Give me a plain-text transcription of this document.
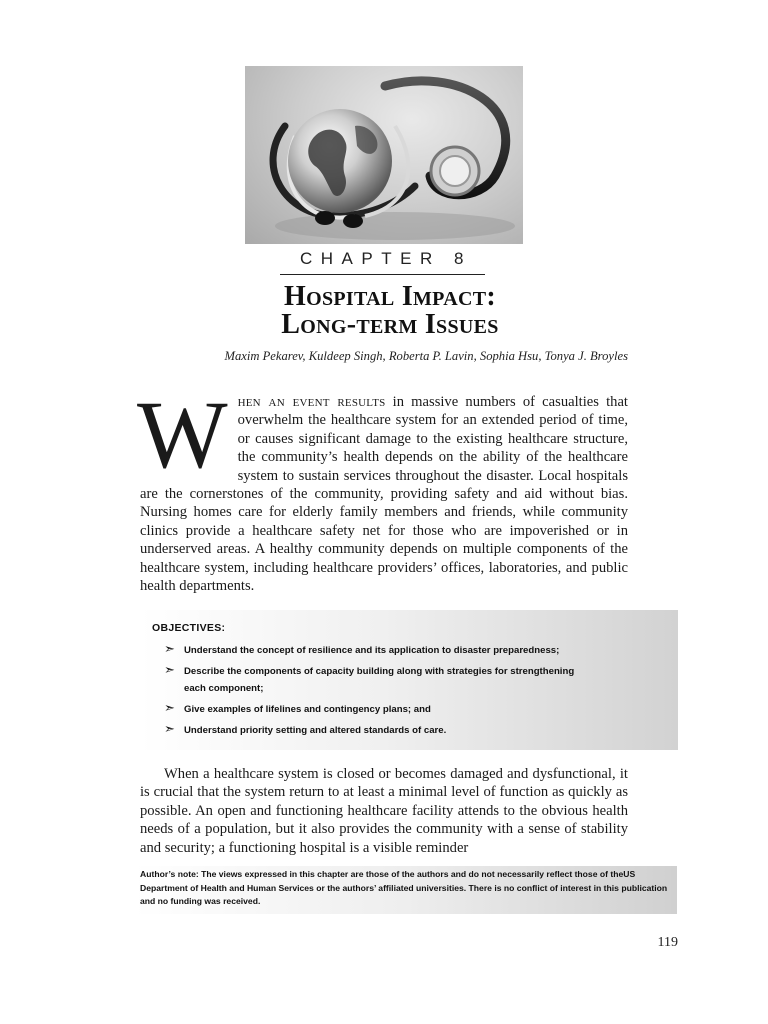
CHAPTER 8
Hospital Impact:
Long-term Issues
Maxim Pekarev, Kuldeep Singh, Roberta P. Lavin, Sophia Hsu, Tonya J. Broyles
When an event results in massive numbers of casualties that overwhelm the healthcare system for an extended period of time, or causes significant damage to the existing healthcare structure, the community’s health depends on the ability of the healthcare system to sustain services throughout the disaster. Local hospitals are the cornerstones of the community, providing safety and aid without bias. Nursing homes care for elderly family members and friends, while community clinics provide a healthcare safety net for those who are impoverished or in underserved areas. A healthy community depends on multiple components of the healthcare system, including healthcare providers’ offices, laboratories, and public health departments.
OBJECTIVES:
➣ Understand the concept of resilience and its application to disaster preparedness;
➣ Describe the components of capacity building along with strategies for strengthening
each component;
➣ Give examples of lifelines and contingency plans; and
➣ Understand priority setting and altered standards of care.
When a healthcare system is closed or becomes damaged and dysfunctional, it is crucial that the system return to at least a minimal level of function as quickly as possible. An open and functioning healthcare facility attends to the obvious health needs of a population, but it also provides the community with a sense of stability and security; a functioning hospital is a visible reminder
Author’s note: The views expressed in this chapter are those of the authors and do not necessarily reflect those of theUS Department of Health and Human Services or the authors’ affiliated universities. There is no conflict of interest in this publication and no funding was received.
119
